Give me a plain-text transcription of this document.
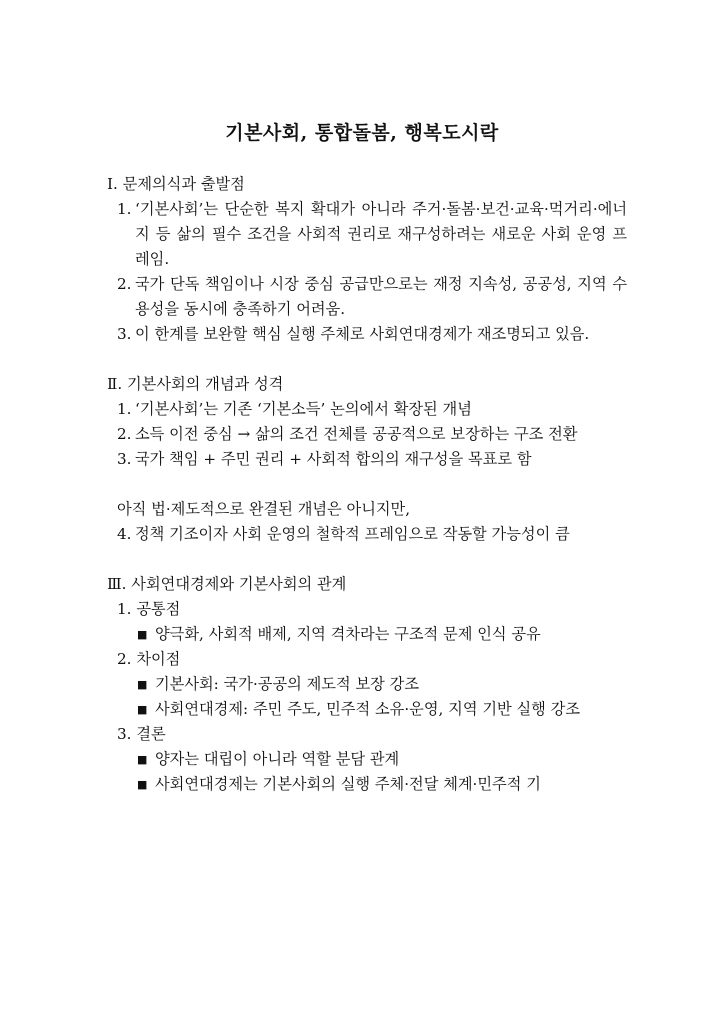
기본사회, 통합돌봄, 행복도시락
Ⅰ. 문제의식과 출발점
1. ‘기본사회’는 단순한 복지 확대가 아니라 주거·돌봄·보건·교육·먹거리·에너지 등 삶의 필수 조건을 사회적 권리로 재구성하려는 새로운 사회 운영 프레임.
2. 국가 단독 책임이나 시장 중심 공급만으로는 재정 지속성, 공공성, 지역 수용성을 동시에 충족하기 어려움.
3. 이 한계를 보완할 핵심 실행 주체로 사회연대경제가 재조명되고 있음.
Ⅱ. 기본사회의 개념과 성격
1. ‘기본사회’는 기존 ‘기본소득’ 논의에서 확장된 개념
2. 소득 이전 중심 → 삶의 조건 전체를 공공적으로 보장하는 구조 전환
3. 국가 책임 + 주민 권리 + 사회적 합의의 재구성을 목표로 함
아직 법·제도적으로 완결된 개념은 아니지만,
4. 정책 기조이자 사회 운영의 철학적 프레임으로 작동할 가능성이 큼
Ⅲ. 사회연대경제와 기본사회의 관계
1. 공통점
■ 양극화, 사회적 배제, 지역 격차라는 구조적 문제 인식 공유
2. 차이점
■ 기본사회: 국가·공공의 제도적 보장 강조
■ 사회연대경제: 주민 주도, 민주적 소유·운영, 지역 기반 실행 강조
3. 결론
■ 양자는 대립이 아니라 역할 분담 관계
■ 사회연대경제는 기본사회의 실행 주체·전달 체계·민주적 기
